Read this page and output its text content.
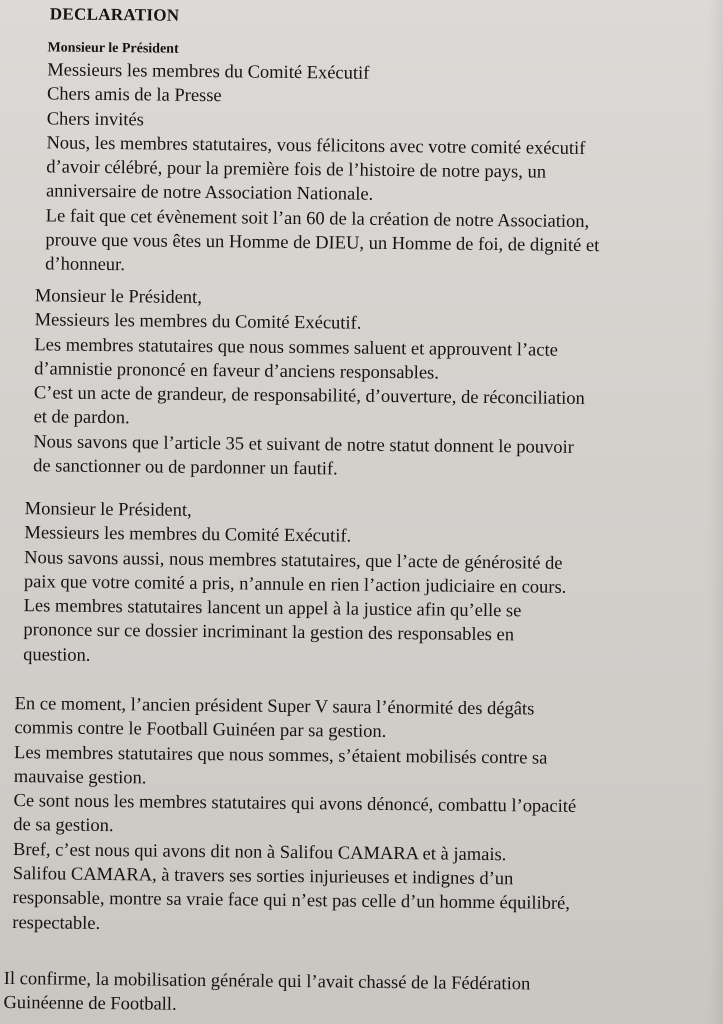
DECLARATION
Monsieur le Président
Messieurs les membres du Comité Exécutif
Chers amis de la Presse
Chers invités
Nous, les membres statutaires, vous félicitons avec votre comité exécutif
d’avoir célébré, pour la première fois de l’histoire de notre pays, un
anniversaire de notre Association Nationale.
Le fait que cet évènement soit l’an 60 de la création de notre Association,
prouve que vous êtes un Homme de DIEU, un Homme de foi, de dignité et
d’honneur.
Monsieur le Président,
Messieurs les membres du Comité Exécutif.
Les membres statutaires que nous sommes saluent et approuvent l’acte
d’amnistie prononcé en faveur d’anciens responsables.
C’est un acte de grandeur, de responsabilité, d’ouverture, de réconciliation
et de pardon.
Nous savons que l’article 35 et suivant de notre statut donnent le pouvoir
de sanctionner ou de pardonner un fautif.
Monsieur le Président,
Messieurs les membres du Comité Exécutif.
Nous savons aussi, nous membres statutaires, que l’acte de générosité de
paix que votre comité a pris, n’annule en rien l’action judiciaire en cours.
Les membres statutaires lancent un appel à la justice afin qu’elle se
prononce sur ce dossier incriminant la gestion des responsables en
question.
En ce moment, l’ancien président Super V saura l’énormité des dégâts
commis contre le Football Guinéen par sa gestion.
Les membres statutaires que nous sommes, s’étaient mobilisés contre sa
mauvaise gestion.
Ce sont nous les membres statutaires qui avons dénoncé, combattu l’opacité
de sa gestion.
Bref, c’est nous qui avons dit non à Salifou CAMARA et à jamais.
Salifou CAMARA, à travers ses sorties injurieuses et indignes d’un
responsable, montre sa vraie face qui n’est pas celle d’un homme équilibré,
respectable.
Il confirme, la mobilisation générale qui l’avait chassé de la Fédération
Guinéenne de Football.
